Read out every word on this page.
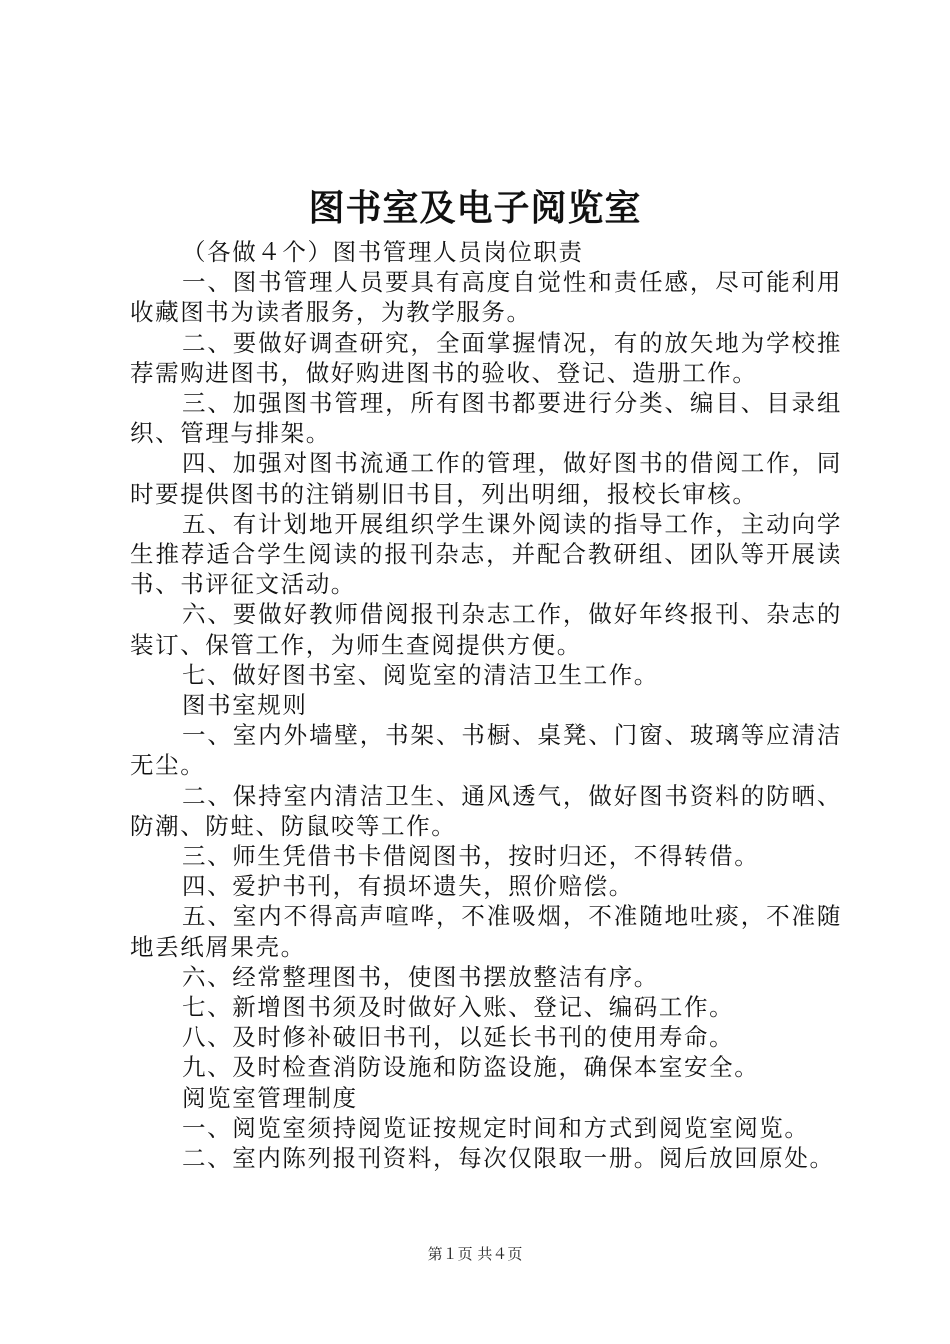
图书室及电子阅览室

（各做４个）图书管理人员岗位职责

一、图书管理人员要具有高度自觉性和责任感，尽可能利用收藏图书为读者服务，为教学服务。

二、要做好调查研究，全面掌握情况，有的放矢地为学校推荐需购进图书，做好购进图书的验收、登记、造册工作。

三、加强图书管理，所有图书都要进行分类、编目、目录组织、管理与排架。

四、加强对图书流通工作的管理，做好图书的借阅工作，同时要提供图书的注销剔旧书目，列出明细，报校长审核。

五、有计划地开展组织学生课外阅读的指导工作，主动向学生推荐适合学生阅读的报刊杂志，并配合教研组、团队等开展读书、书评征文活动。

六、要做好教师借阅报刊杂志工作，做好年终报刊、杂志的装订、保管工作，为师生查阅提供方便。

七、做好图书室、阅览室的清洁卫生工作。

图书室规则

一、室内外墙壁，书架、书橱、桌凳、门窗、玻璃等应清洁无尘。

二、保持室内清洁卫生、通风透气，做好图书资料的防晒、防潮、防蛀、防鼠咬等工作。

三、师生凭借书卡借阅图书，按时归还，不得转借。

四、爱护书刊，有损坏遗失，照价赔偿。

五、室内不得高声喧哗，不准吸烟，不准随地吐痰，不准随地丢纸屑果壳。

六、经常整理图书，使图书摆放整洁有序。

七、新增图书须及时做好入账、登记、编码工作。

八、及时修补破旧书刊，以延长书刊的使用寿命。

九、及时检查消防设施和防盗设施，确保本室安全。

阅览室管理制度

一、阅览室须持阅览证按规定时间和方式到阅览室阅览。

二、室内陈列报刊资料，每次仅限取一册。阅后放回原处。

第１页 共４页
